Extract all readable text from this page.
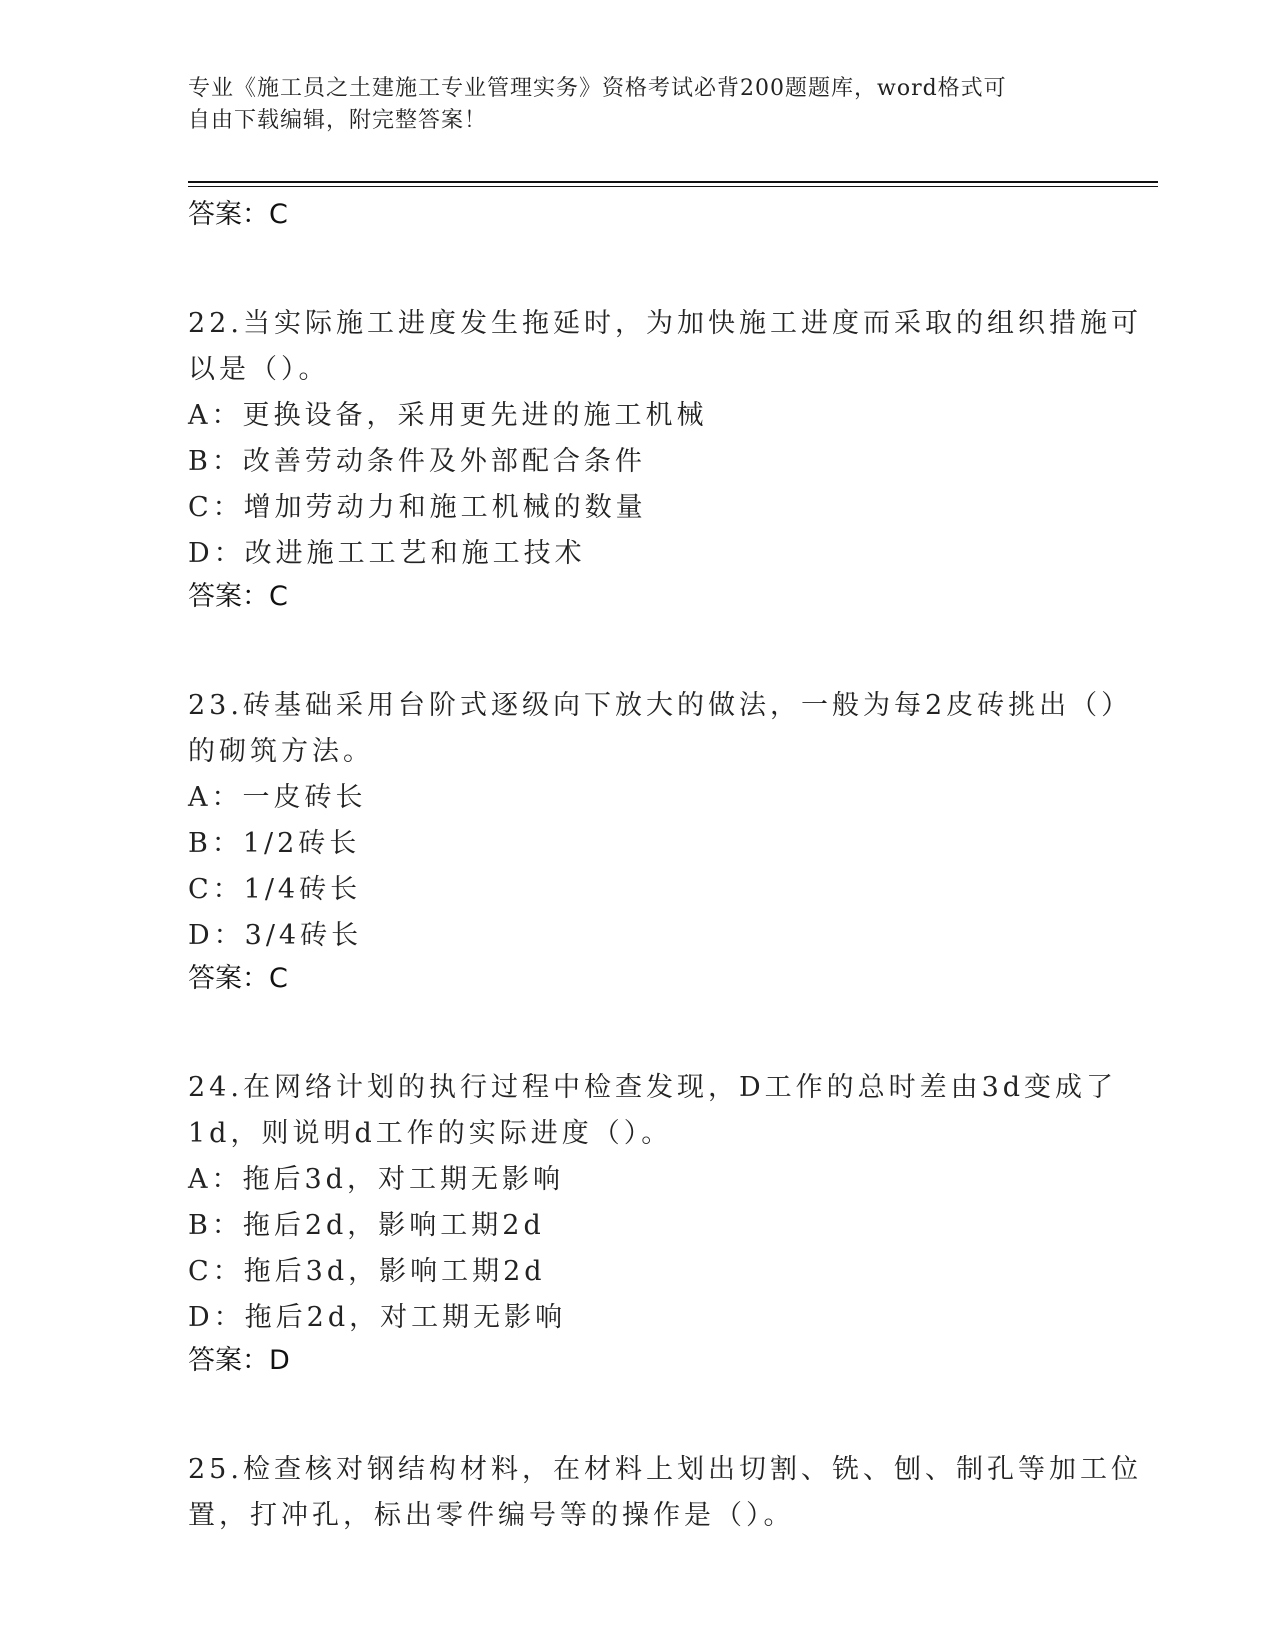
专业《施工员之土建施工专业管理实务》资格考试必背200题题库，word格式可
自由下载编辑，附完整答案！
答案：C
22.当实际施工进度发生拖延时，为加快施工进度而采取的组织措施可
以是（）。
A：更换设备，采用更先进的施工机械
B：改善劳动条件及外部配合条件
C：增加劳动力和施工机械的数量
D：改进施工工艺和施工技术
答案：C
23.砖基础采用台阶式逐级向下放大的做法，一般为每2皮砖挑出（）
的砌筑方法。
A：一皮砖长
B：1/2砖长
C：1/4砖长
D：3/4砖长
答案：C
24.在网络计划的执行过程中检查发现，D工作的总时差由3d变成了
1d，则说明d工作的实际进度（）。
A：拖后3d，对工期无影响
B：拖后2d，影响工期2d
C：拖后3d，影响工期2d
D：拖后2d，对工期无影响
答案：D
25.检查核对钢结构材料，在材料上划出切割、铣、刨、制孔等加工位
置，打冲孔，标出零件编号等的操作是（）。
